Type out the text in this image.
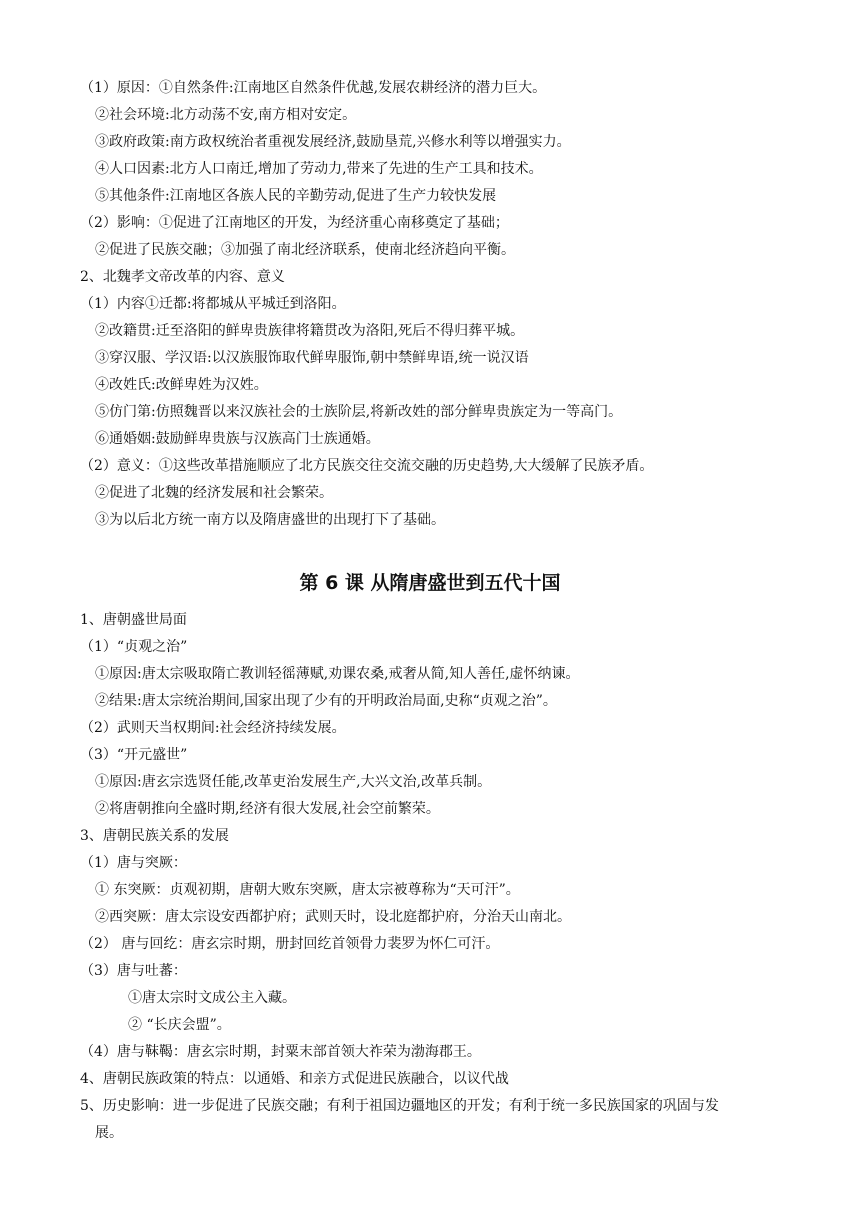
（1）原因：①自然条件:江南地区自然条件优越,发展农耕经济的潜力巨大。
②社会环境:北方动荡不安,南方相对安定。
③政府政策:南方政权统治者重视发展经济,鼓励垦荒,兴修水利等以增强实力。
④人口因素:北方人口南迁,增加了劳动力,带来了先进的生产工具和技术。
⑤其他条件:江南地区各族人民的辛勤劳动,促进了生产力较快发展
（2）影响：①促进了江南地区的开发，为经济重心南移奠定了基础；
②促进了民族交融；③加强了南北经济联系，使南北经济趋向平衡。
2、北魏孝文帝改革的内容、意义
（1）内容①迁都:将都城从平城迁到洛阳。
②改籍贯:迁至洛阳的鲜卑贵族律将籍贯改为洛阳,死后不得归葬平城。
③穿汉服、学汉语:以汉族服饰取代鲜卑服饰,朝中禁鲜卑语,统一说汉语
④改姓氏:改鲜卑姓为汉姓。
⑤仿门第:仿照魏晋以来汉族社会的士族阶层,将新改姓的部分鲜卑贵族定为一等高门。
⑥通婚姻:鼓励鲜卑贵族与汉族高门士族通婚。
（2）意义：①这些改革措施顺应了北方民族交往交流交融的历史趋势,大大缓解了民族矛盾。
②促进了北魏的经济发展和社会繁荣。
③为以后北方统一南方以及隋唐盛世的出现打下了基础。
第 6 课 从隋唐盛世到五代十国
1、唐朝盛世局面
（1）“贞观之治”
①原因:唐太宗吸取隋亡教训轻徭薄赋,劝课农桑,戒奢从简,知人善任,虚怀纳谏。
②结果:唐太宗统治期间,国家出现了少有的开明政治局面,史称“贞观之治”。
（2）武则天当权期间:社会经济持续发展。
（3）“开元盛世”
①原因:唐玄宗选贤任能,改革吏治发展生产,大兴文治,改革兵制。
②将唐朝推向全盛时期,经济有很大发展,社会空前繁荣。
3、唐朝民族关系的发展
（1）唐与突厥：
① 东突厥：贞观初期，唐朝大败东突厥，唐太宗被尊称为“天可汗”。
②西突厥：唐太宗设安西都护府；武则天时，设北庭都护府，分治天山南北。
（2） 唐与回纥：唐玄宗时期，册封回纥首领骨力裴罗为怀仁可汗。
（3）唐与吐蕃：
①唐太宗时文成公主入藏。
② “长庆会盟”。
（4）唐与靺鞨：唐玄宗时期，封粟末部首领大祚荣为渤海郡王。
4、唐朝民族政策的特点：以通婚、和亲方式促进民族融合，以议代战
5、历史影响：进一步促进了民族交融；有利于祖国边疆地区的开发；有利于统一多民族国家的巩固与发
展。
